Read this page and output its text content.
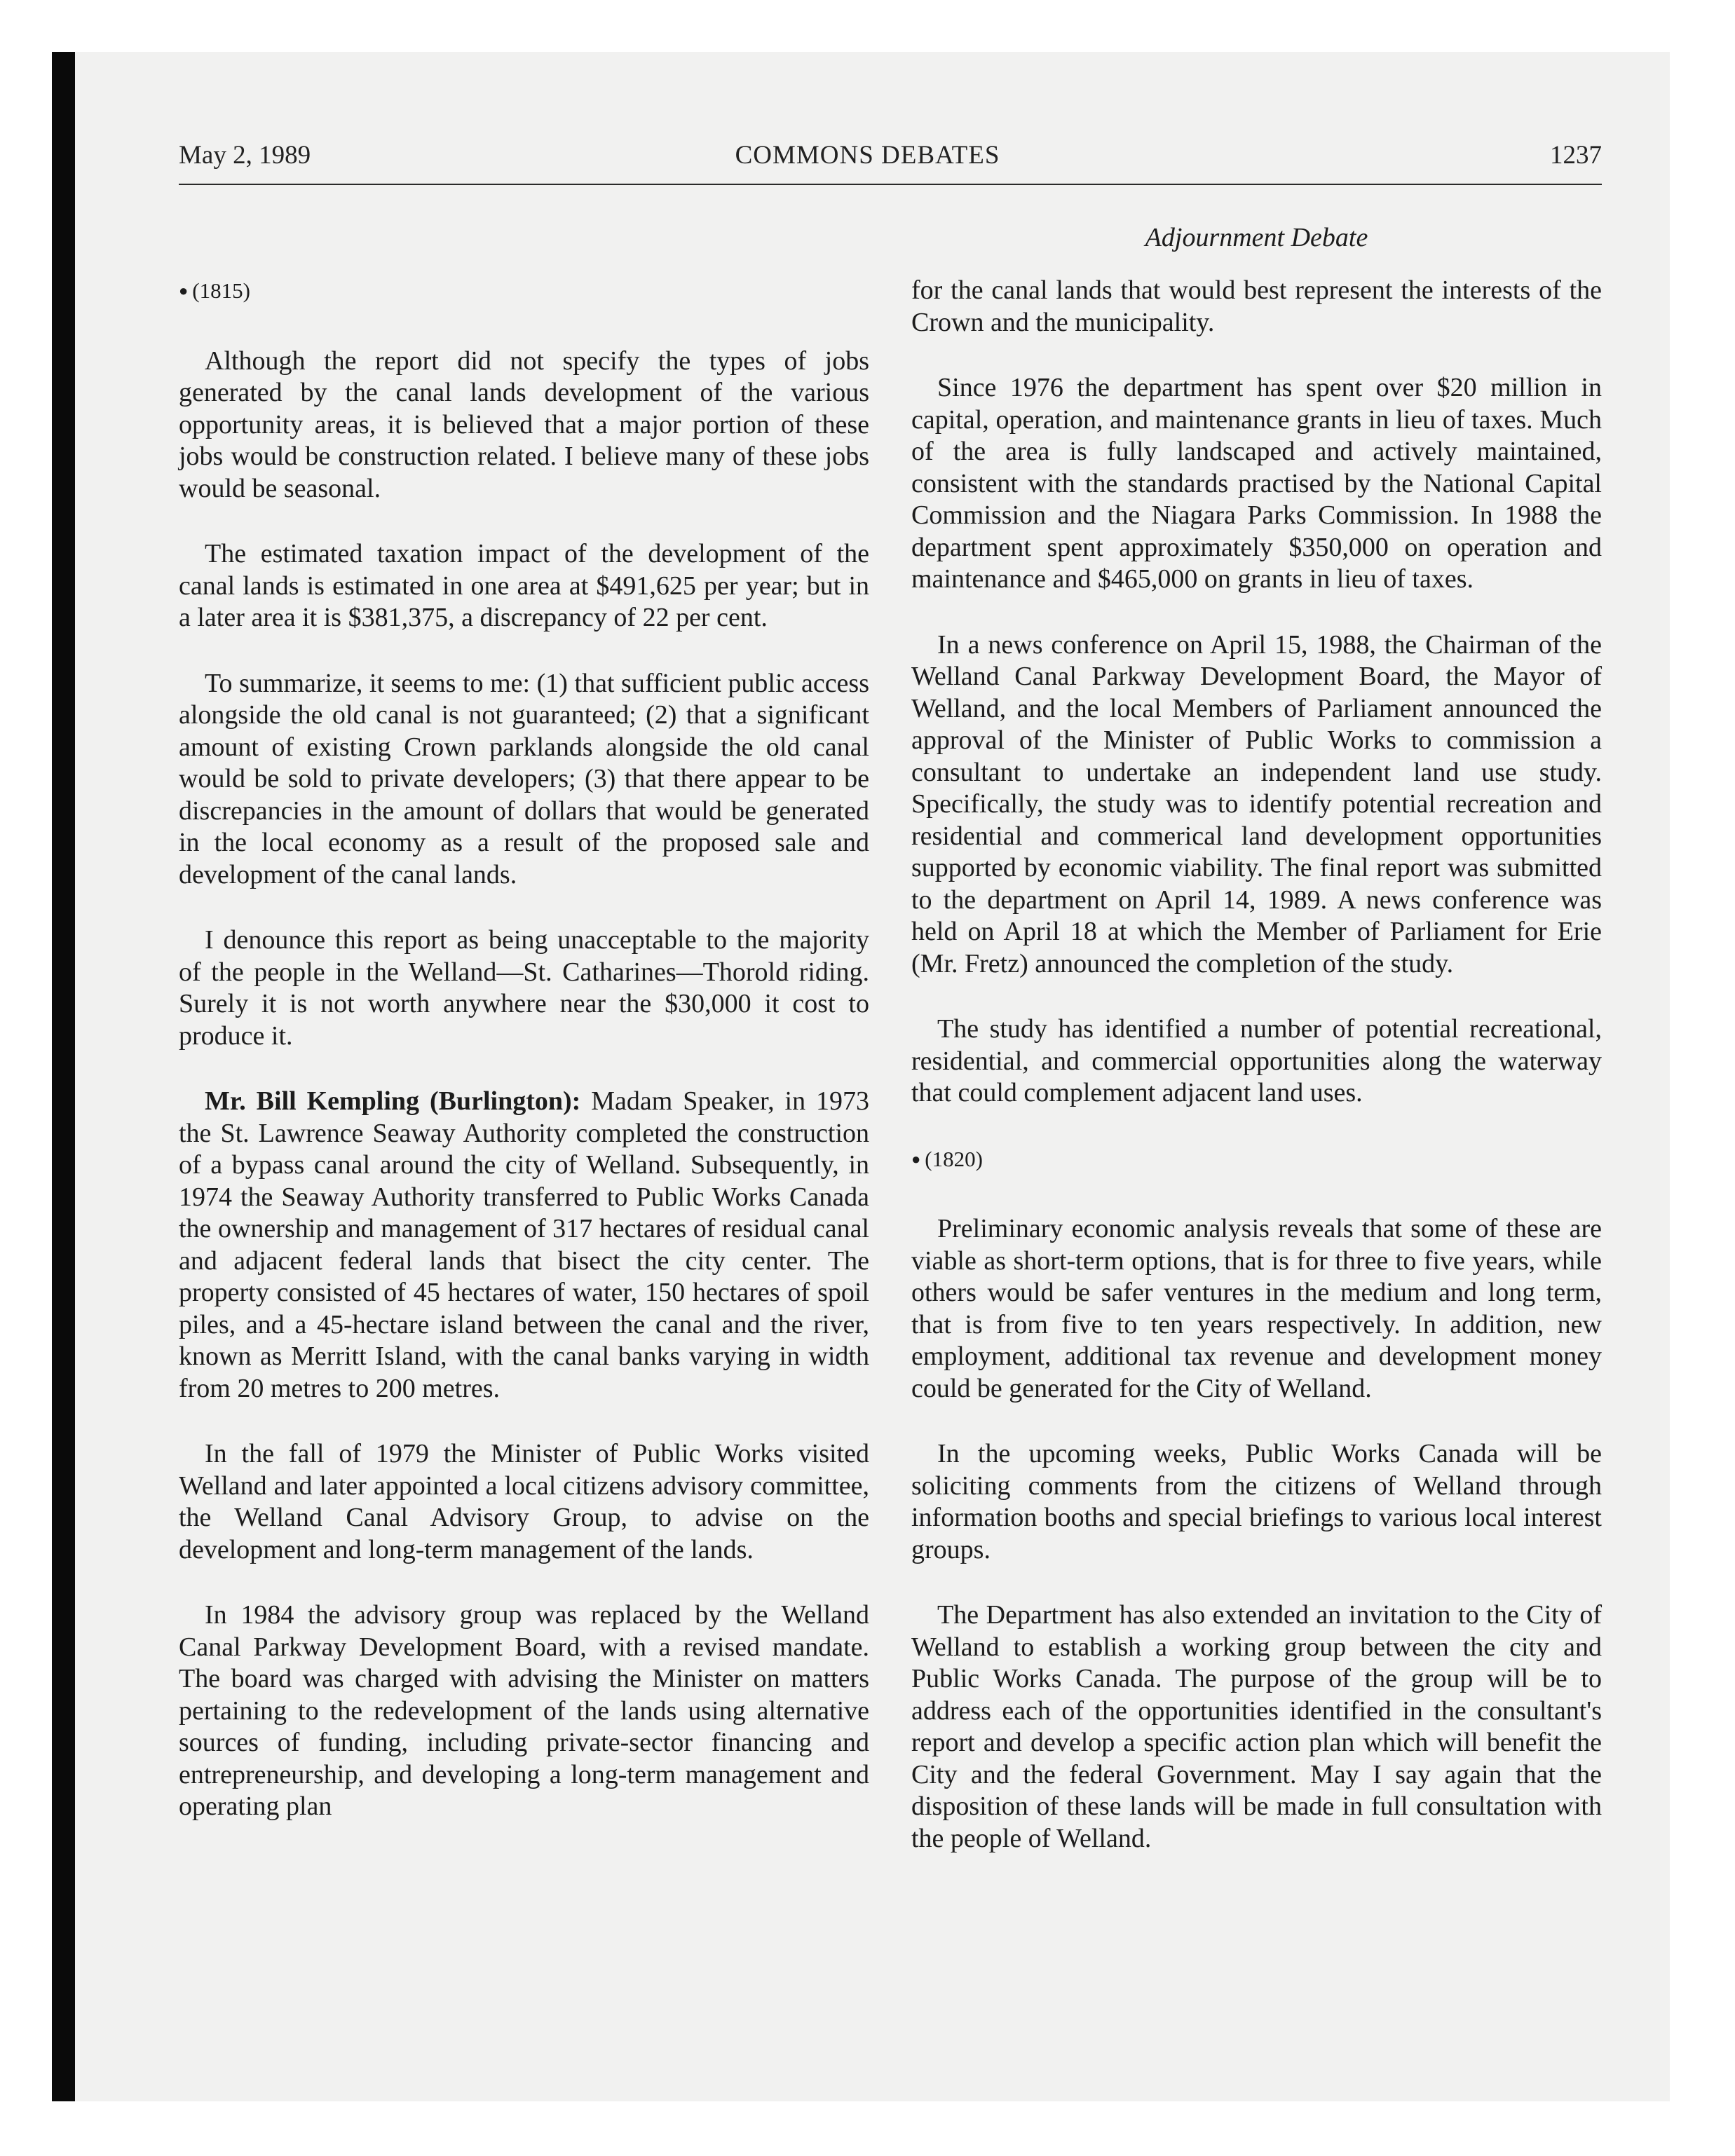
May 2, 1989	COMMONS DEBATES	1237
Adjournment Debate
● (1815)

Although the report did not specify the types of jobs generated by the canal lands development of the various opportunity areas, it is believed that a major portion of these jobs would be construction related. I believe many of these jobs would be seasonal.

The estimated taxation impact of the development of the canal lands is estimated in one area at $491,625 per year; but in a later area it is $381,375, a discrepancy of 22 per cent.

To summarize, it seems to me: (1) that sufficient public access alongside the old canal is not guaranteed; (2) that a significant amount of existing Crown parklands alongside the old canal would be sold to private developers; (3) that there appear to be discrepancies in the amount of dollars that would be generated in the local economy as a result of the proposed sale and development of the canal lands.

I denounce this report as being unacceptable to the majority of the people in the Welland—St. Catharines—Thorold riding. Surely it is not worth anywhere near the $30,000 it cost to produce it.

Mr. Bill Kempling (Burlington): Madam Speaker, in 1973 the St. Lawrence Seaway Authority completed the construction of a bypass canal around the city of Welland. Subsequently, in 1974 the Seaway Authority transferred to Public Works Canada the ownership and management of 317 hectares of residual canal and adjacent federal lands that bisect the city center. The property consisted of 45 hectares of water, 150 hectares of spoil piles, and a 45-hectare island between the canal and the river, known as Merritt Island, with the canal banks varying in width from 20 metres to 200 metres.

In the fall of 1979 the Minister of Public Works visited Welland and later appointed a local citizens advisory committee, the Welland Canal Advisory Group, to advise on the development and long-term management of the lands.

In 1984 the advisory group was replaced by the Welland Canal Parkway Development Board, with a revised mandate. The board was charged with advising the Minister on matters pertaining to the redevelopment of the lands using alternative sources of funding, including private-sector financing and entrepreneurship, and developing a long-term management and operating plan

for the canal lands that would best represent the interests of the Crown and the municipality.

Since 1976 the department has spent over $20 million in capital, operation, and maintenance grants in lieu of taxes. Much of the area is fully landscaped and actively maintained, consistent with the standards practised by the National Capital Commission and the Niagara Parks Commission. In 1988 the department spent approximately $350,000 on operation and maintenance and $465,000 on grants in lieu of taxes.

In a news conference on April 15, 1988, the Chairman of the Welland Canal Parkway Development Board, the Mayor of Welland, and the local Members of Parliament announced the approval of the Minister of Public Works to commission a consultant to undertake an independent land use study. Specifically, the study was to identify potential recreation and residential and commerical land development opportunities supported by economic viability. The final report was submitted to the department on April 14, 1989. A news conference was held on April 18 at which the Member of Parliament for Erie (Mr. Fretz) announced the completion of the study.

The study has identified a number of potential recreational, residential, and commercial opportunities along the waterway that could complement adjacent land uses.

● (1820)

Preliminary economic analysis reveals that some of these are viable as short-term options, that is for three to five years, while others would be safer ventures in the medium and long term, that is from five to ten years respectively. In addition, new employment, additional tax revenue and development money could be generated for the City of Welland.

In the upcoming weeks, Public Works Canada will be soliciting comments from the citizens of Welland through information booths and special briefings to various local interest groups.

The Department has also extended an invitation to the City of Welland to establish a working group between the city and Public Works Canada. The purpose of the group will be to address each of the opportunities identified in the consultant's report and develop a specific action plan which will benefit the City and the federal Government. May I say again that the disposition of these lands will be made in full consultation with the people of Welland.
